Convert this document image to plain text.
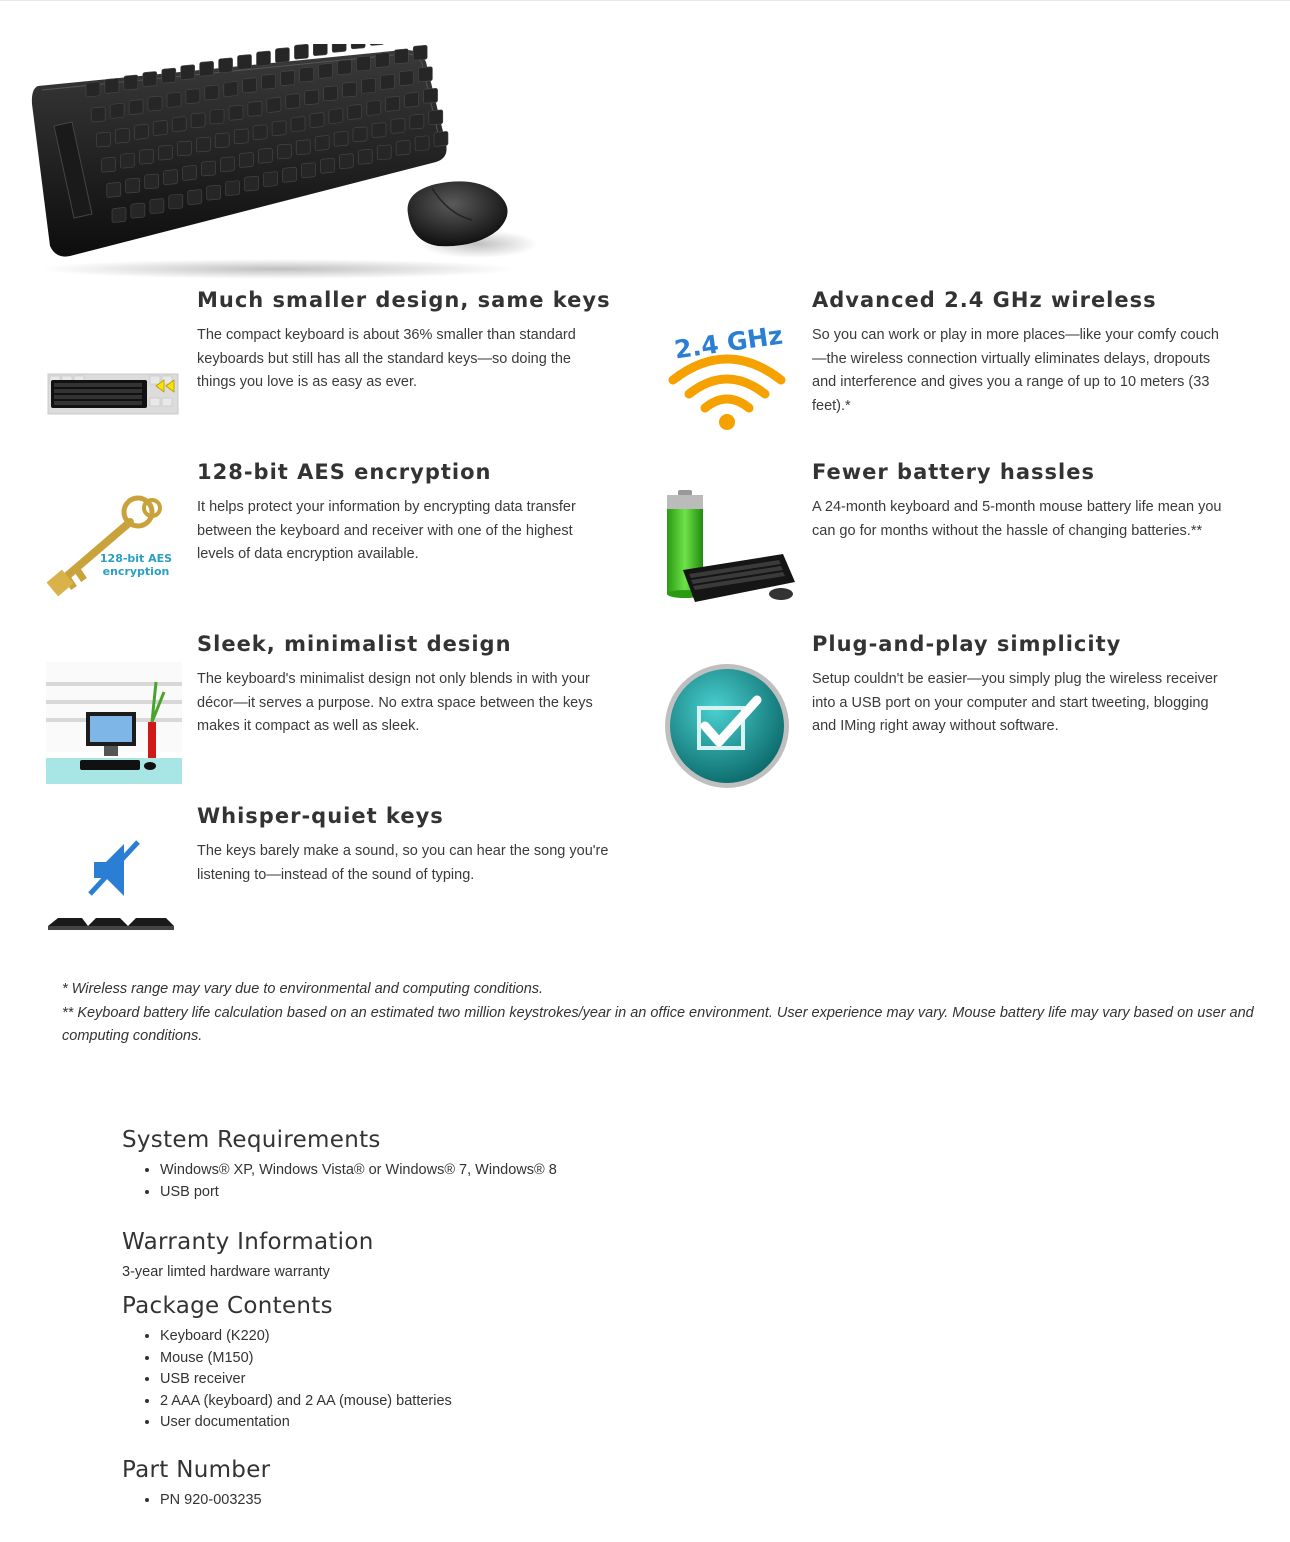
Much smaller design, same keys
The compact keyboard is about 36% smaller than standard keyboards but still has all the standard keys—so doing the things you love is as easy as ever.
2.4 GHz
Advanced 2.4 GHz wireless
So you can work or play in more places—like your comfy couch—the wireless connection virtually eliminates delays, dropouts and interference and gives you a range of up to 10 meters (33 feet).*
128-bit AES
encryption
128-bit AES encryption
It helps protect your information by encrypting data transfer between the keyboard and receiver with one of the highest levels of data encryption available.
Fewer battery hassles
A 24-month keyboard and 5-month mouse battery life mean you can go for months without the hassle of changing batteries.**
Sleek, minimalist design
The keyboard's minimalist design not only blends in with your décor—it serves a purpose. No extra space between the keys makes it compact as well as sleek.
Plug-and-play simplicity
Setup couldn't be easier—you simply plug the wireless receiver into a USB port on your computer and start tweeting, blogging and IMing right away without software.
Whisper-quiet keys
The keys barely make a sound, so you can hear the song you're listening to—instead of the sound of typing.

* Wireless range may vary due to environmental and computing conditions.

** Keyboard battery life calculation based on an estimated two million keystrokes/year in an office environment. User experience may vary. Mouse battery life may vary based on user and computing conditions.

System Requirements
• Windows® XP, Windows Vista® or Windows® 7, Windows® 8
• USB port
Warranty Information
3-year limted hardware warranty
Package Contents
• Keyboard (K220)
• Mouse (M150)
• USB receiver
• 2 AAA (keyboard) and 2 AA (mouse) batteries
• User documentation
Part Number
• PN 920-003235
